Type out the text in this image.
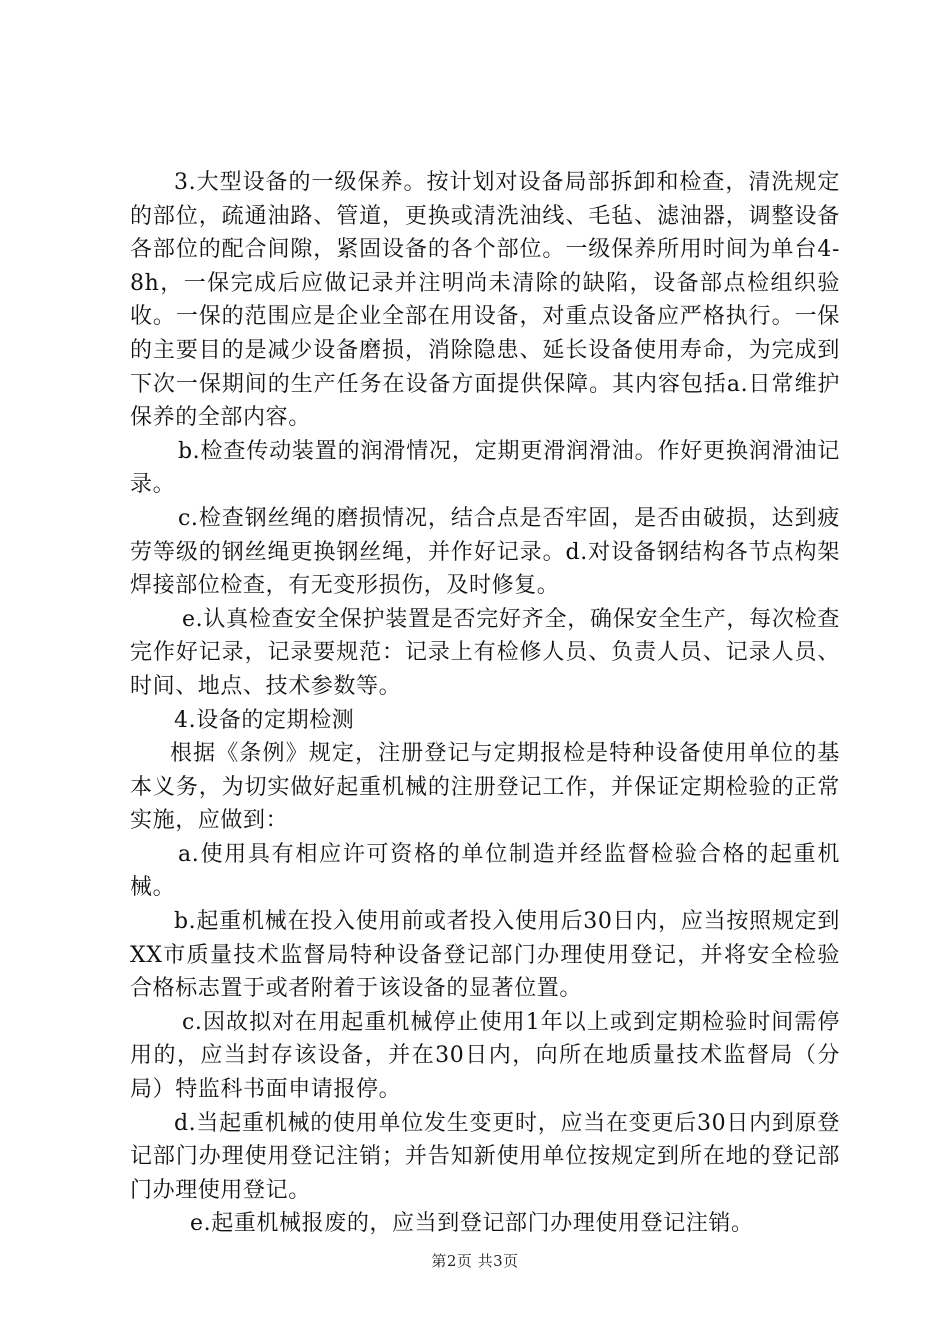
3.大型设备的一级保养。按计划对设备局部拆卸和检查，清洗规定的部位，疏通油路、管道，更换或清洗油线、毛毡、滤油器，调整设备各部位的配合间隙，紧固设备的各个部位。一级保养所用时间为单台4-8h，一保完成后应做记录并注明尚未清除的缺陷，设备部点检组织验收。一保的范围应是企业全部在用设备，对重点设备应严格执行。一保的主要目的是减少设备磨损，消除隐患、延长设备使用寿命，为完成到下次一保期间的生产任务在设备方面提供保障。其内容包括a.日常维护保养的全部内容。

b.检查传动装置的润滑情况，定期更滑润滑油。作好更换润滑油记录。

c.检查钢丝绳的磨损情况，结合点是否牢固，是否由破损，达到疲劳等级的钢丝绳更换钢丝绳，并作好记录。d.对设备钢结构各节点构架焊接部位检查，有无变形损伤，及时修复。

e.认真检查安全保护装置是否完好齐全，确保安全生产，每次检查完作好记录，记录要规范：记录上有检修人员、负责人员、记录人员、时间、地点、技术参数等。

4.设备的定期检测

根据《条例》规定，注册登记与定期报检是特种设备使用单位的基本义务，为切实做好起重机械的注册登记工作，并保证定期检验的正常实施，应做到：

a.使用具有相应许可资格的单位制造并经监督检验合格的起重机械。

b.起重机械在投入使用前或者投入使用后30日内，应当按照规定到XX市质量技术监督局特种设备登记部门办理使用登记，并将安全检验合格标志置于或者附着于该设备的显著位置。

c.因故拟对在用起重机械停止使用1年以上或到定期检验时间需停用的，应当封存该设备，并在30日内，向所在地质量技术监督局（分局）特监科书面申请报停。

d.当起重机械的使用单位发生变更时，应当在变更后30日内到原登记部门办理使用登记注销；并告知新使用单位按规定到所在地的登记部门办理使用登记。

e.起重机械报废的，应当到登记部门办理使用登记注销。

第2页 共3页
